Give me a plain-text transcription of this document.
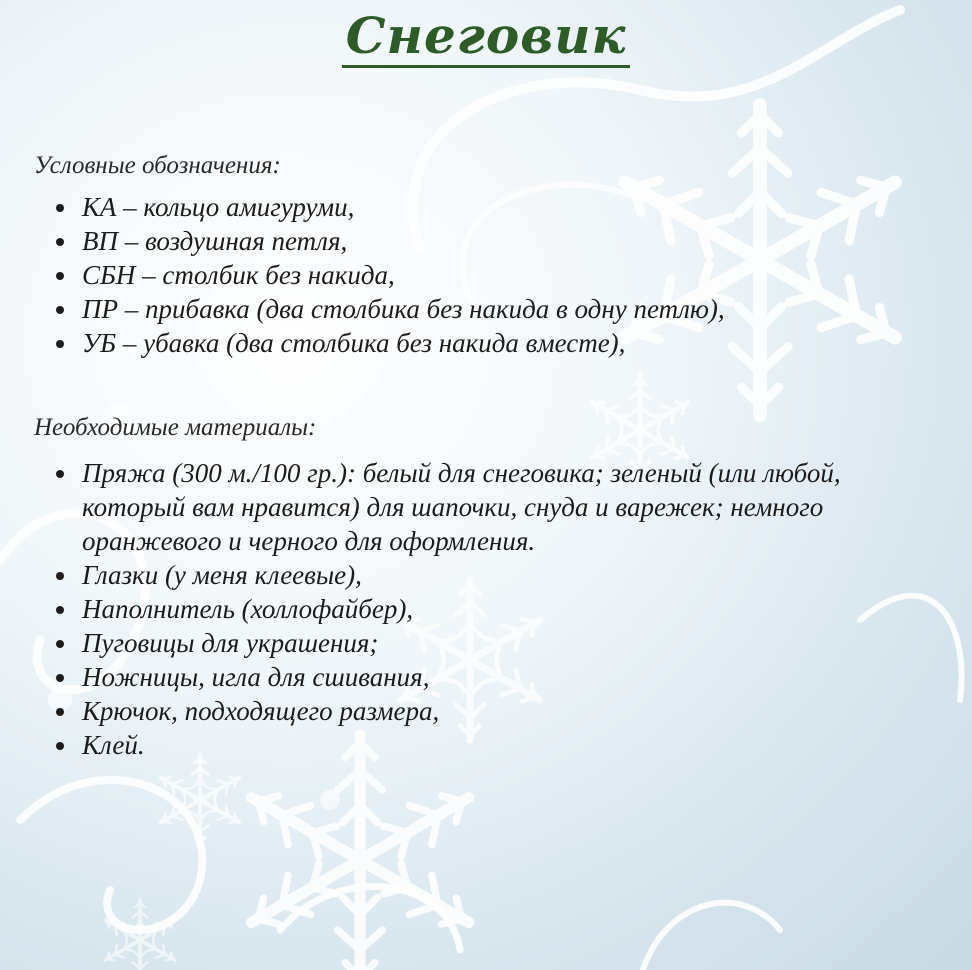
Снеговик
Условные обозначения:
КА – кольцо амигуруми,
ВП – воздушная петля,
СБН – столбик без накида,
ПР – прибавка (два столбика без накида в одну петлю),
УБ – убавка (два столбика без накида вместе),
Необходимые материалы:
Пряжа (300 м./100 гр.): белый для снеговика; зеленый (или любой, который вам нравится) для шапочки, снуда и варежек; немного оранжевого и черного для оформления.
Глазки (у меня клеевые),
Наполнитель (холлофайбер),
Пуговицы для украшения;
Ножницы, игла для сшивания,
Крючок, подходящего размера,
Клей.
